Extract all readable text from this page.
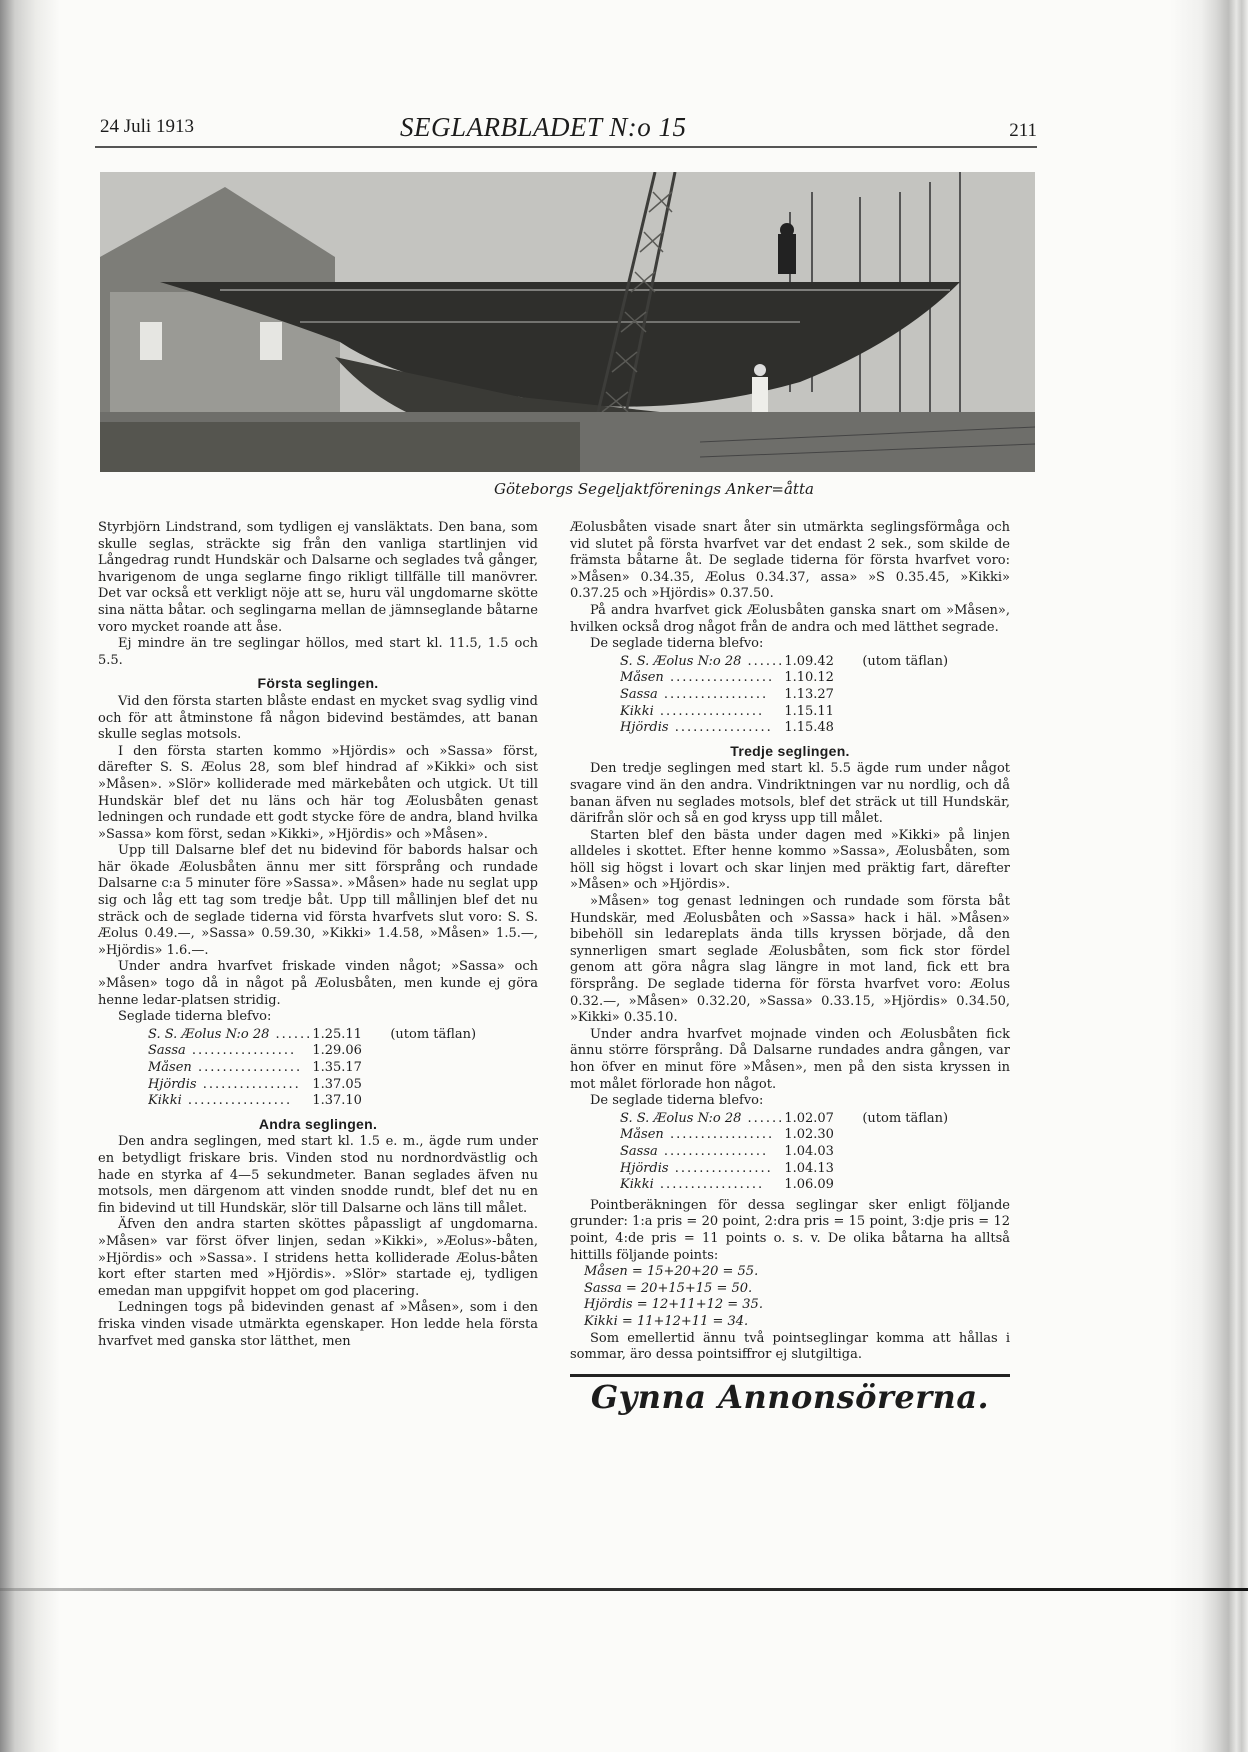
24 Juli 1913	SEGLARBLADET N:o 15	211
Göteborgs Segeljaktförenings Anker=åtta

Styrbjörn Lindstrand, som tydligen ej vansläktats. Den bana, som skulle seglas, sträckte sig från den vanliga startlinjen vid Långedrag rundt Hundskär och Dalsarne och seglades två gånger, hvarigenom de unga seglarne fingo rikligt tillfälle till manövrer. Det var också ett verkligt nöje att se, huru väl ungdomarne skötte sina nätta båtar. och seglingarna mellan de jämnseglande båtarne voro mycket roande att åse.

Ej mindre än tre seglingar höllos, med start kl. 11.5, 1.5 och 5.5.

Första seglingen.

Vid den första starten blåste endast en mycket svag sydlig vind och för att åtminstone få någon bidevind bestämdes, att banan skulle seglas motsols.

I den första starten kommo »Hjördis» och »Sassa» först, därefter S. S. Æolus 28, som blef hindrad af »Kikki» och sist »Måsen». »Slör» kolliderade med märkebåten och utgick. Ut till Hundskär blef det nu läns och här tog Æolusbåten genast ledningen och rundade ett godt stycke före de andra, bland hvilka »Sassa» kom först, sedan »Kikki», »Hjördis» och »Måsen».

Upp till Dalsarne blef det nu bidevind för babords halsar och här ökade Æolusbåten ännu mer sitt försprång och rundade Dalsarne c:a 5 minuter före »Sassa». »Måsen» hade nu seglat upp sig och låg ett tag som tredje båt. Upp till mållinjen blef det nu sträck och de seglade tiderna vid första hvarfvets slut voro: S. S. Æolus 0.49.—, »Sassa» 0.59.30, »Kikki» 1.4.58, »Måsen» 1.5.—, »Hjördis» 1.6.—.

Under andra hvarfvet friskade vinden något; »Sassa» och »Måsen» togo då in något på Æolusbåten, men kunde ej göra henne ledar-platsen stridig.

Seglade tiderna blefvo:

S. S. Æolus N:o 28 ......	1.25.11	(utom täflan)
Sassa .................	1.29.06	
Måsen .................	1.35.17	
Hjördis ................	1.37.05	
Kikki .................	1.37.10	
Andra seglingen.

Den andra seglingen, med start kl. 1.5 e. m., ägde rum under en betydligt friskare bris. Vinden stod nu nordnordvästlig och hade en styrka af 4—5 sekundmeter. Banan seglades äfven nu motsols, men därgenom att vinden snodde rundt, blef det nu en fin bidevind ut till Hundskär, slör till Dalsarne och läns till målet.

Äfven den andra starten sköttes påpassligt af ungdomarna. »Måsen» var först öfver linjen, sedan »Kikki», »Æolus»-båten, »Hjördis» och »Sassa». I stridens hetta kolliderade Æolus-båten kort efter starten med »Hjördis». »Slör» startade ej, tydligen emedan man uppgifvit hoppet om god placering.

Ledningen togs på bidevinden genast af »Måsen», som i den friska vinden visade utmärkta egenskaper. Hon ledde hela första hvarfvet med ganska stor lätthet, men

Æolusbåten visade snart åter sin utmärkta seglingsförmåga och vid slutet på första hvarfvet var det endast 2 sek., som skilde de främsta båtarne åt. De seglade tiderna för första hvarfvet voro: »Måsen» 0.34.35, Æolus 0.34.37, assa» »S 0.35.45, »Kikki» 0.37.25 och »Hjördis» 0.37.50.

På andra hvarfvet gick Æolusbåten ganska snart om »Måsen», hvilken också drog något från de andra och med lätthet segrade.

De seglade tiderna blefvo:

S. S. Æolus N:o 28 ......	1.09.42	(utom täflan)
Måsen .................	1.10.12	
Sassa .................	1.13.27	
Kikki .................	1.15.11	
Hjördis ................	1.15.48	
Tredje seglingen.

Den tredje seglingen med start kl. 5.5 ägde rum under något svagare vind än den andra. Vindriktningen var nu nordlig, och då banan äfven nu seglades motsols, blef det sträck ut till Hundskär, därifrån slör och så en god kryss upp till målet.

Starten blef den bästa under dagen med »Kikki» på linjen alldeles i skottet. Efter henne kommo »Sassa», Æolusbåten, som höll sig högst i lovart och skar linjen med präktig fart, därefter »Måsen» och »Hjördis».

»Måsen» tog genast ledningen och rundade som första båt Hundskär, med Æolusbåten och »Sassa» hack i häl. »Måsen» bibehöll sin ledareplats ända tills kryssen började, då den synnerligen smart seglade Æolusbåten, som fick stor fördel genom att göra några slag längre in mot land, fick ett bra försprång. De seglade tiderna för första hvarfvet voro: Æolus 0.32.—, »Måsen» 0.32.20, »Sassa» 0.33.15, »Hjördis» 0.34.50, »Kikki» 0.35.10.

Under andra hvarfvet mojnade vinden och Æolusbåten fick ännu större försprång. Då Dalsarne rundades andra gången, var hon öfver en minut före »Måsen», men på den sista kryssen in mot målet förlorade hon något.

De seglade tiderna blefvo:

S. S. Æolus N:o 28 ......	1.02.07	(utom täflan)
Måsen .................	1.02.30	
Sassa .................	1.04.03	
Hjördis ................	1.04.13	
Kikki .................	1.06.09	

Pointberäkningen för dessa seglingar sker enligt följande grunder: 1:a pris = 20 point, 2:dra pris = 15 point, 3:dje pris = 12 point, 4:de pris = 11 points o. s. v. De olika båtarna ha alltså hittills följande points:

Måsen = 15+20+20 = 55.

Sassa = 20+15+15 = 50.

Hjördis = 12+11+12 = 35.

Kikki = 11+12+11 = 34.

Som emellertid ännu två pointseglingar komma att hållas i sommar, äro dessa pointsiffror ej slutgiltiga.

Gynna Annonsörerna.
